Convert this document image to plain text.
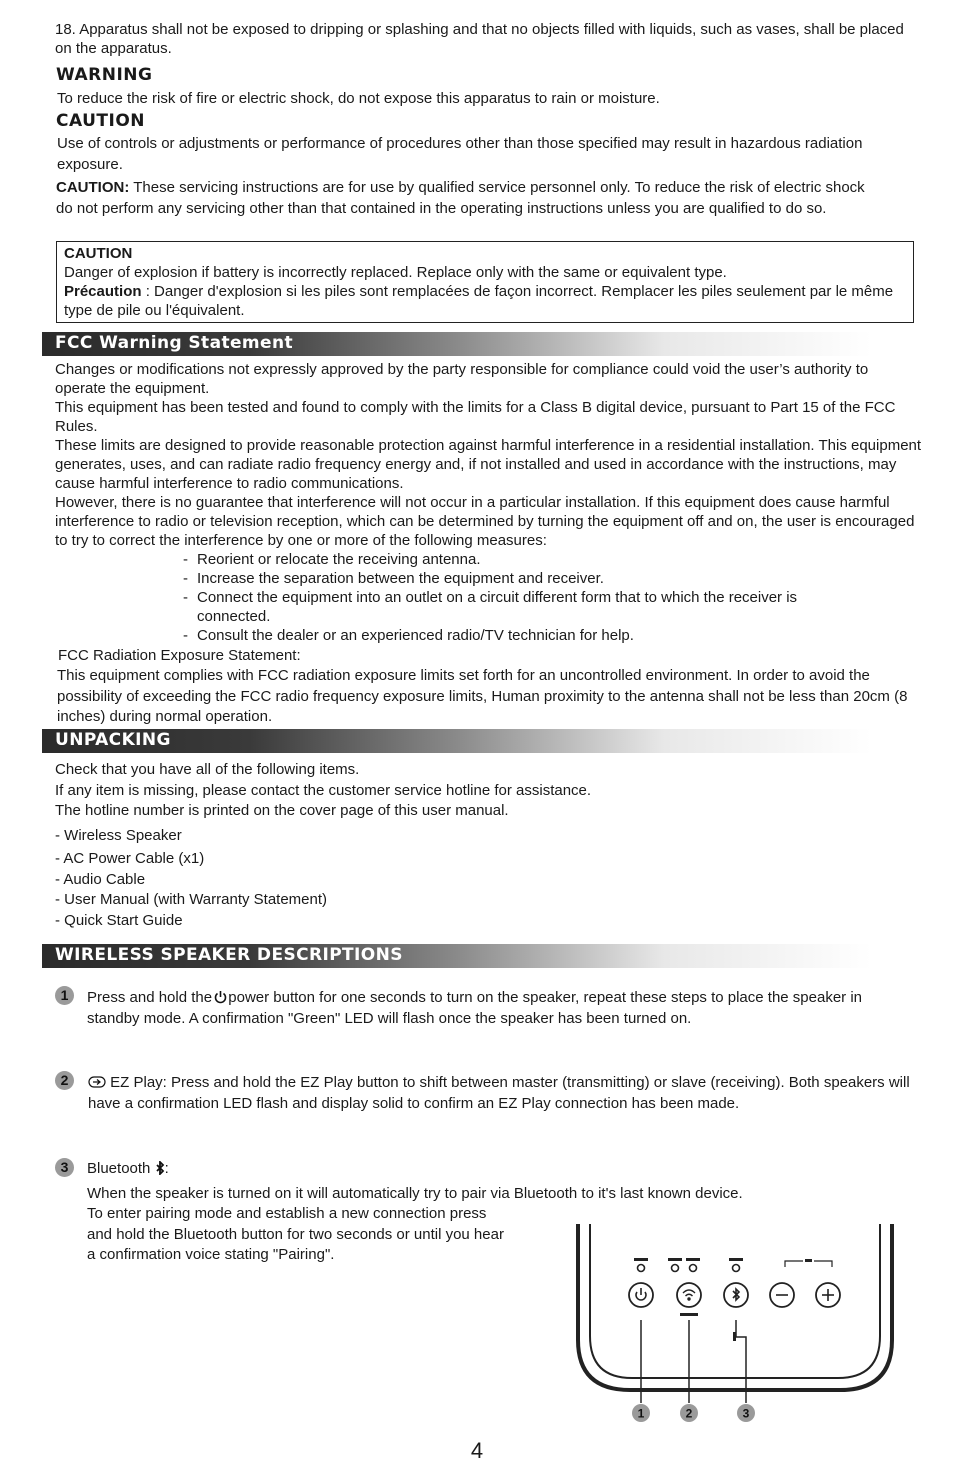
18. Apparatus shall not be exposed to dripping or splashing and that no objects filled with liquids, such as vases, shall be placed on the apparatus.

WARNING

To reduce the risk of fire or electric shock, do not expose this apparatus to rain or moisture.

CAUTION

Use of controls or adjustments or performance of procedures other than those specified may result in hazardous radiation exposure.

CAUTION: These servicing instructions are for use by qualified service personnel only. To reduce the risk of electric shock do not perform any servicing other than that contained in the operating instructions unless you are qualified to do so.

CAUTION

Danger of explosion if battery is incorrectly replaced. Replace only with the same or equivalent type.

Précaution : Danger d'explosion si les piles sont remplacées de façon incorrect. Remplacer les piles seulement par le même type de pile ou l'équivalent.

FCC Warning Statement

Changes or modifications not expressly approved by the party responsible for compliance could void the user’s authority to operate the equipment.

This equipment has been tested and found to comply with the limits for a Class B digital device, pursuant to Part 15 of the FCC Rules.

These limits are designed to provide reasonable protection against harmful interference in a residential installation. This equipment generates, uses, and can radiate radio frequency energy and, if not installed and used in accordance with the instructions, may cause harmful interference to radio communications.

However, there is no guarantee that interference will not occur in a particular installation. If this equipment does cause harmful interference to radio or television reception, which can be determined by turning the equipment off and on, the user is encouraged to try to correct the interference by one or more of the following measures:

- Reorient or relocate the receiving antenna.
- Increase the separation between the equipment and receiver.
- Connect the equipment into an outlet on a circuit different form that to which the receiver is connected.
- Consult the dealer or an experienced radio/TV technician for help.

FCC Radiation Exposure Statement:

This equipment complies with FCC radiation exposure limits set forth for an uncontrolled environment. In order to avoid the possibility of exceeding the FCC radio frequency exposure limits, Human proximity to the antenna shall not be less than 20cm (8 inches) during normal operation.

UNPACKING

Check that you have all of the following items.

If any item is missing, please contact the customer service hotline for assistance.

The hotline number is printed on the cover page of this user manual.

- Wireless Speaker
- AC Power Cable (x1)
- Audio Cable
- User Manual (with Warranty Statement)
- Quick Start Guide
WIRELESS SPEAKER DESCRIPTIONS
1	Press and hold the power button for one seconds to turn on the speaker, repeat these steps to place the speaker in standby mode. A confirmation "Green" LED will flash once the speaker has been turned on.

2	EZ Play: Press and hold the EZ Play button to shift between master (transmitting) or slave (receiving). Both speakers will have a confirmation LED flash and display solid to confirm an EZ Play connection has been made.

3	Bluetooth :

When the speaker is turned on it will automatically try to pair via Bluetooth to it's last known device.

To enter pairing mode and establish a new connection press and hold the Bluetooth button for two seconds or until you hear a confirmation voice stating "Pairing".

1	2	3
4
